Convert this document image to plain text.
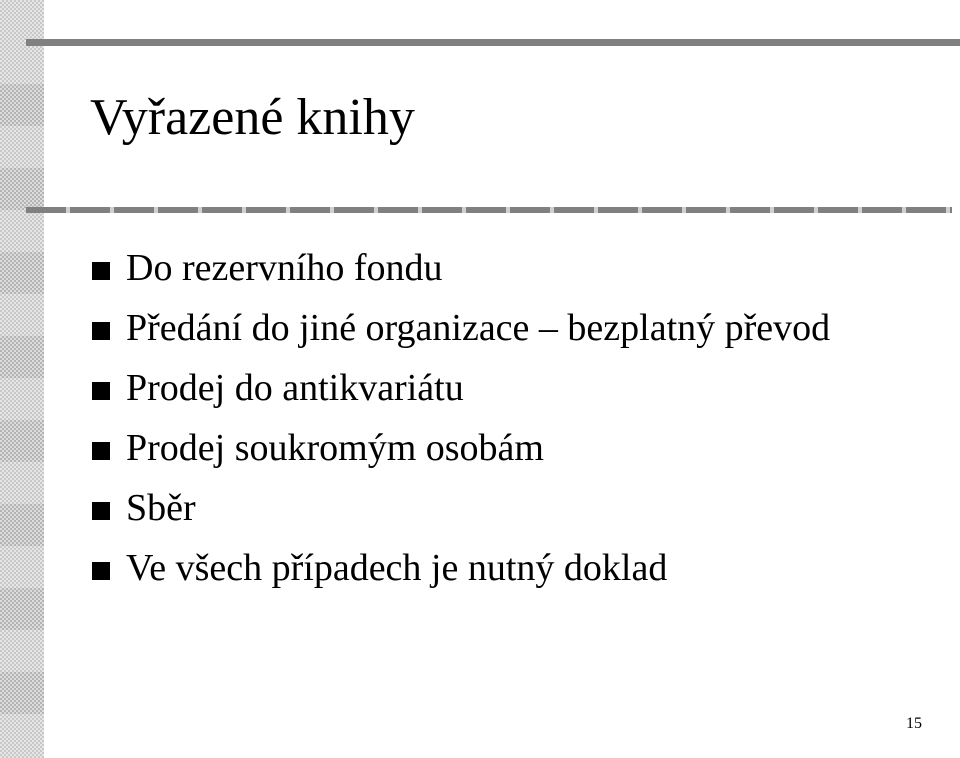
Vyřazené knihy
Do rezervního fondu
Předání do jiné organizace – bezplatný převod
Prodej do antikvariátu
Prodej soukromým osobám
Sběr
Ve všech případech je nutný doklad
15
